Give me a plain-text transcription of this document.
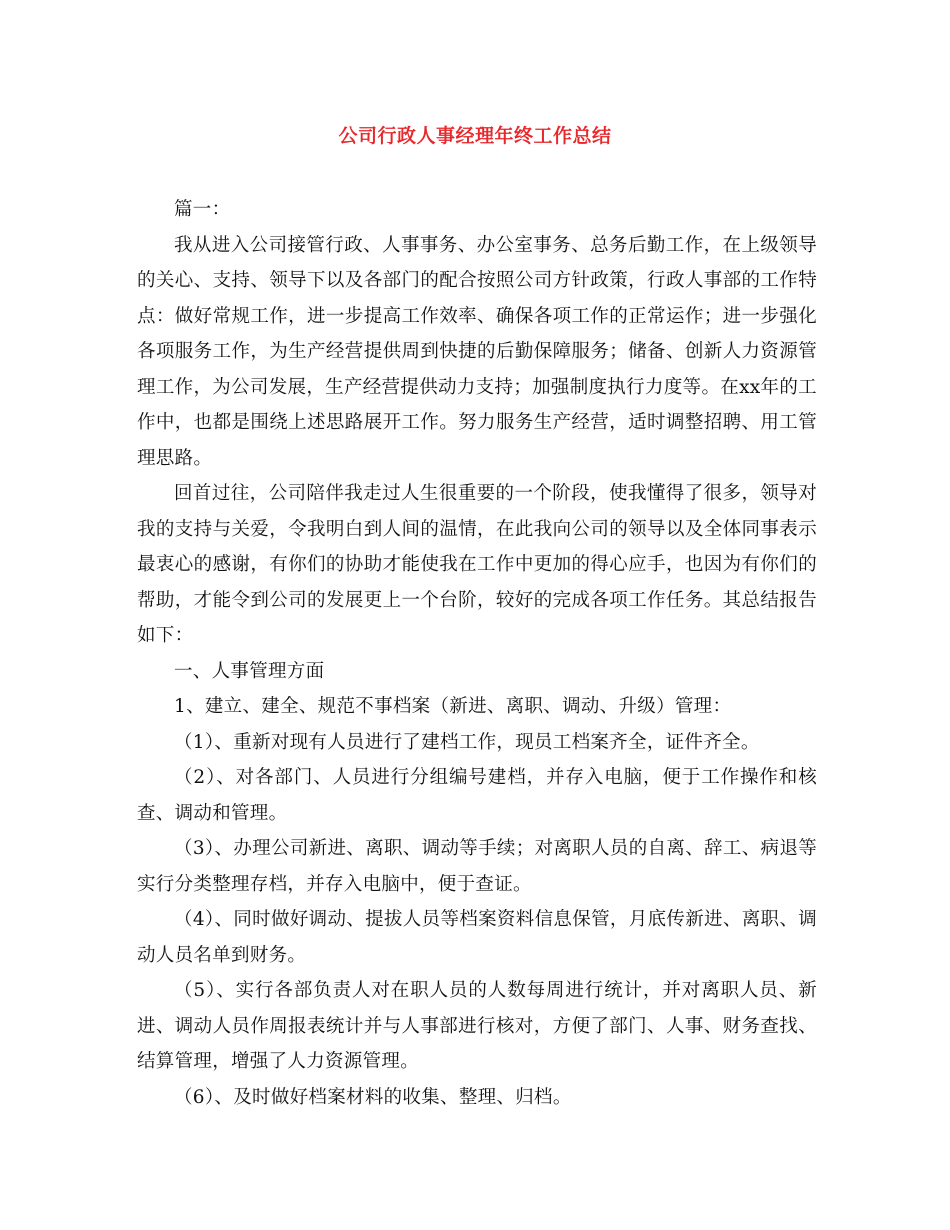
公司行政人事经理年终工作总结

篇一：

我从进入公司接管行政、人事事务、办公室事务、总务后勤工作，在上级领导的关心、支持、领导下以及各部门的配合按照公司方针政策，行政人事部的工作特点：做好常规工作，进一步提高工作效率、确保各项工作的正常运作；进一步强化各项服务工作，为生产经营提供周到快捷的后勤保障服务；储备、创新人力资源管理工作，为公司发展，生产经营提供动力支持；加强制度执行力度等。在xx年的工作中，也都是围绕上述思路展开工作。努力服务生产经营，适时调整招聘、用工管理思路。

回首过往，公司陪伴我走过人生很重要的一个阶段，使我懂得了很多，领导对我的支持与关爱，令我明白到人间的温情，在此我向公司的领导以及全体同事表示最衷心的感谢，有你们的协助才能使我在工作中更加的得心应手，也因为有你们的帮助，才能令到公司的发展更上一个台阶，较好的完成各项工作任务。其总结报告如下：

一、人事管理方面

1、建立、建全、规范不事档案（新进、离职、调动、升级）管理：

（1）、重新对现有人员进行了建档工作，现员工档案齐全，证件齐全。

（2）、对各部门、人员进行分组编号建档，并存入电脑，便于工作操作和核查、调动和管理。

（3）、办理公司新进、离职、调动等手续；对离职人员的自离、辞工、病退等实行分类整理存档，并存入电脑中，便于查证。

（4）、同时做好调动、提拔人员等档案资料信息保管，月底传新进、离职、调动人员名单到财务。

（5）、实行各部负责人对在职人员的人数每周进行统计，并对离职人员、新进、调动人员作周报表统计并与人事部进行核对，方便了部门、人事、财务查找、结算管理，增强了人力资源管理。

（6）、及时做好档案材料的收集、整理、归档。
